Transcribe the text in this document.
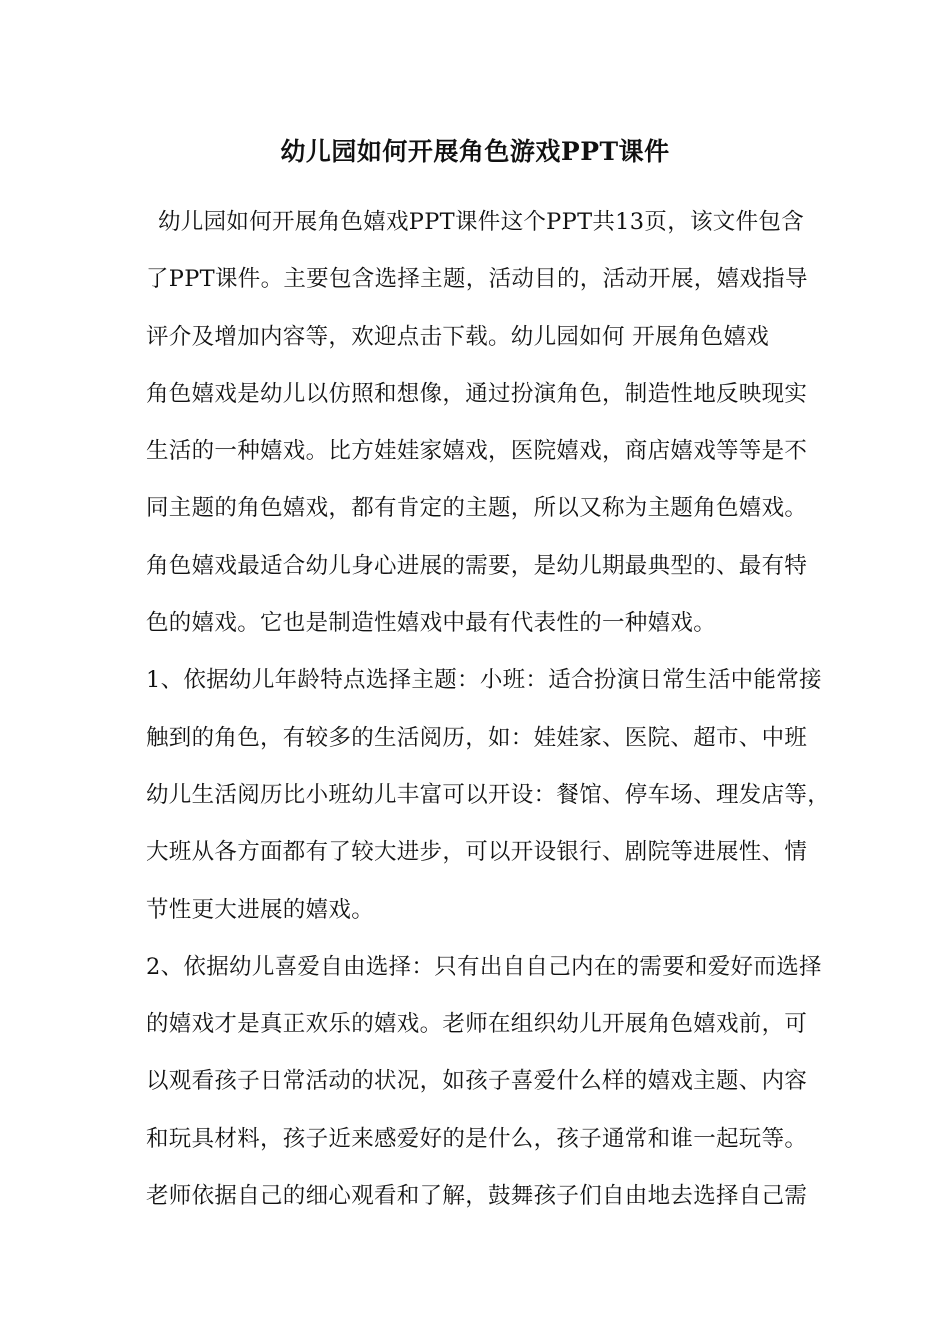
幼儿园如何开展角色游戏PPT课件
幼儿园如何开展角色嬉戏PPT课件这个PPT共13页，该文件包含
了PPT课件。主要包含选择主题，活动目的，活动开展，嬉戏指导
评介及增加内容等，欢迎点击下载。幼儿园如何 开展角色嬉戏
角色嬉戏是幼儿以仿照和想像，通过扮演角色，制造性地反映现实
生活的一种嬉戏。比方娃娃家嬉戏，医院嬉戏，商店嬉戏等等是不
同主题的角色嬉戏，都有肯定的主题，所以又称为主题角色嬉戏。
角色嬉戏最适合幼儿身心进展的需要，是幼儿期最典型的、最有特
色的嬉戏。它也是制造性嬉戏中最有代表性的一种嬉戏。
1、依据幼儿年龄特点选择主题：小班：适合扮演日常生活中能常接
触到的角色，有较多的生活阅历，如：娃娃家、医院、超市、中班
幼儿生活阅历比小班幼儿丰富可以开设：餐馆、停车场、理发店等，
大班从各方面都有了较大进步，可以开设银行、剧院等进展性、情
节性更大进展的嬉戏。
2、依据幼儿喜爱自由选择：只有出自自己内在的需要和爱好而选择
的嬉戏才是真正欢乐的嬉戏。老师在组织幼儿开展角色嬉戏前，可
以观看孩子日常活动的状况，如孩子喜爱什么样的嬉戏主题、内容
和玩具材料，孩子近来感爱好的是什么，孩子通常和谁一起玩等。
老师依据自己的细心观看和了解，鼓舞孩子们自由地去选择自己需
